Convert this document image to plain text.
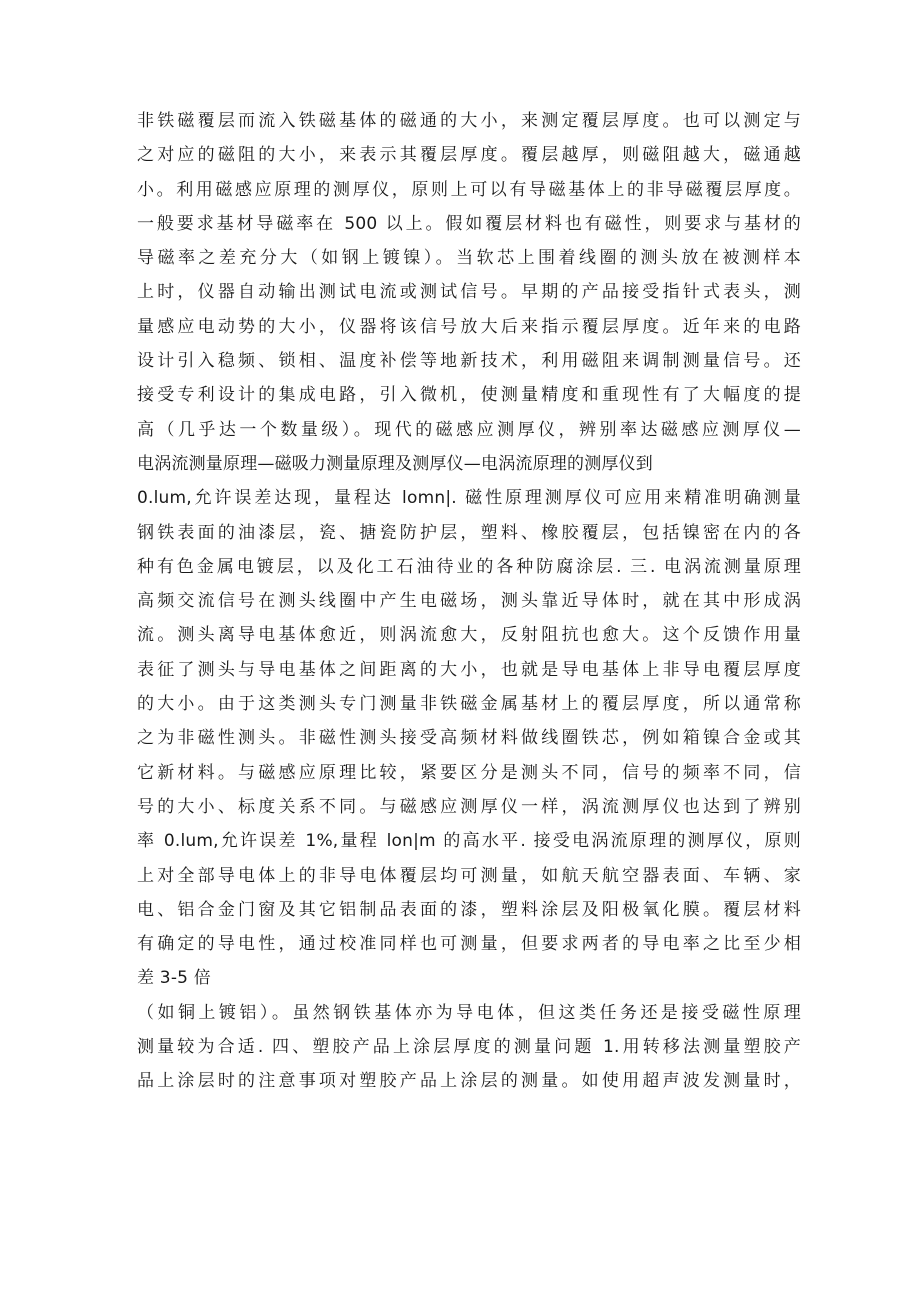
非铁磁覆层而流入铁磁基体的磁通的大小，来测定覆层厚度。也可以测定与
之对应的磁阻的大小，来表示其覆层厚度。覆层越厚，则磁阻越大，磁通越
小。利用磁感应原理的测厚仪，原则上可以有导磁基体上的非导磁覆层厚度。
一般要求基材导磁率在 500 以上。假如覆层材料也有磁性，则要求与基材的
导磁率之差充分大（如钢上镀镍）。当软芯上围着线圈的测头放在被测样本
上时，仪器自动输出测试电流或测试信号。早期的产品接受指针式表头，测
量感应电动势的大小，仪器将该信号放大后来指示覆层厚度。近年来的电路
设计引入稳频、锁相、温度补偿等地新技术，利用磁阻来调制测量信号。还
接受专利设计的集成电路，引入微机，使测量精度和重现性有了大幅度的提
高（几乎达一个数量级）。现代的磁感应测厚仪，辨别率达磁感应测厚仪—
电涡流测量原理—磁吸力测量原理及测厚仪—电涡流原理的测厚仪到
0.lum,允许误差达现，量程达 lomn|. 磁性原理测厚仪可应用来精准明确测量
钢铁表面的油漆层，瓷、搪瓷防护层，塑料、橡胶覆层，包括镍密在内的各
种有色金属电镀层，以及化工石油待业的各种防腐涂层. 三. 电涡流测量原理
高频交流信号在测头线圈中产生电磁场，测头靠近导体时，就在其中形成涡
流。测头离导电基体愈近，则涡流愈大，反射阻抗也愈大。这个反馈作用量
表征了测头与导电基体之间距离的大小，也就是导电基体上非导电覆层厚度
的大小。由于这类测头专门测量非铁磁金属基材上的覆层厚度，所以通常称
之为非磁性测头。非磁性测头接受高频材料做线圈铁芯，例如箱镍合金或其
它新材料。与磁感应原理比较，紧要区分是测头不同，信号的频率不同，信
号的大小、标度关系不同。与磁感应测厚仪一样，涡流测厚仪也达到了辨别
率 0.lum,允许误差 1%,量程 lon|m 的高水平. 接受电涡流原理的测厚仪，原则
上对全部导电体上的非导电体覆层均可测量，如航天航空器表面、车辆、家
电、铝合金门窗及其它铝制品表面的漆，塑料涂层及阳极氧化膜。覆层材料
有确定的导电性，通过校准同样也可测量，但要求两者的导电率之比至少相
差 3-5 倍
（如铜上镀铝）。虽然钢铁基体亦为导电体，但这类任务还是接受磁性原理
测量较为合适. 四、塑胶产品上涂层厚度的测量问题 1.用转移法测量塑胶产
品上涂层时的注意事项对塑胶产品上涂层的测量。如使用超声波发测量时，
